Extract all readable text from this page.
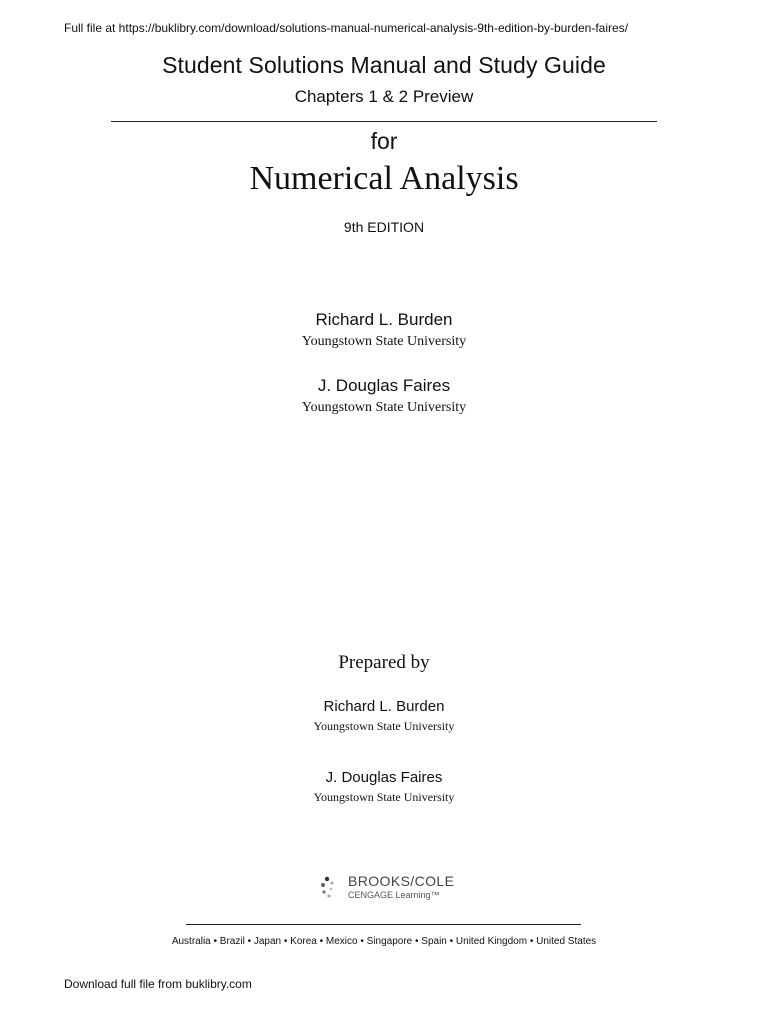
Full file at https://buklibry.com/download/solutions-manual-numerical-analysis-9th-edition-by-burden-faires/
Student Solutions Manual and Study Guide
Chapters 1 & 2 Preview
for
Numerical Analysis
9th EDITION
Richard L. Burden
Youngstown State University
J. Douglas Faires
Youngstown State University
Prepared by
Richard L. Burden
Youngstown State University
J. Douglas Faires
Youngstown State University
BROOKS/COLE
CENGAGE Learning™
Australia • Brazil • Japan • Korea • Mexico • Singapore • Spain • United Kingdom • United States
Download full file from buklibry.com
